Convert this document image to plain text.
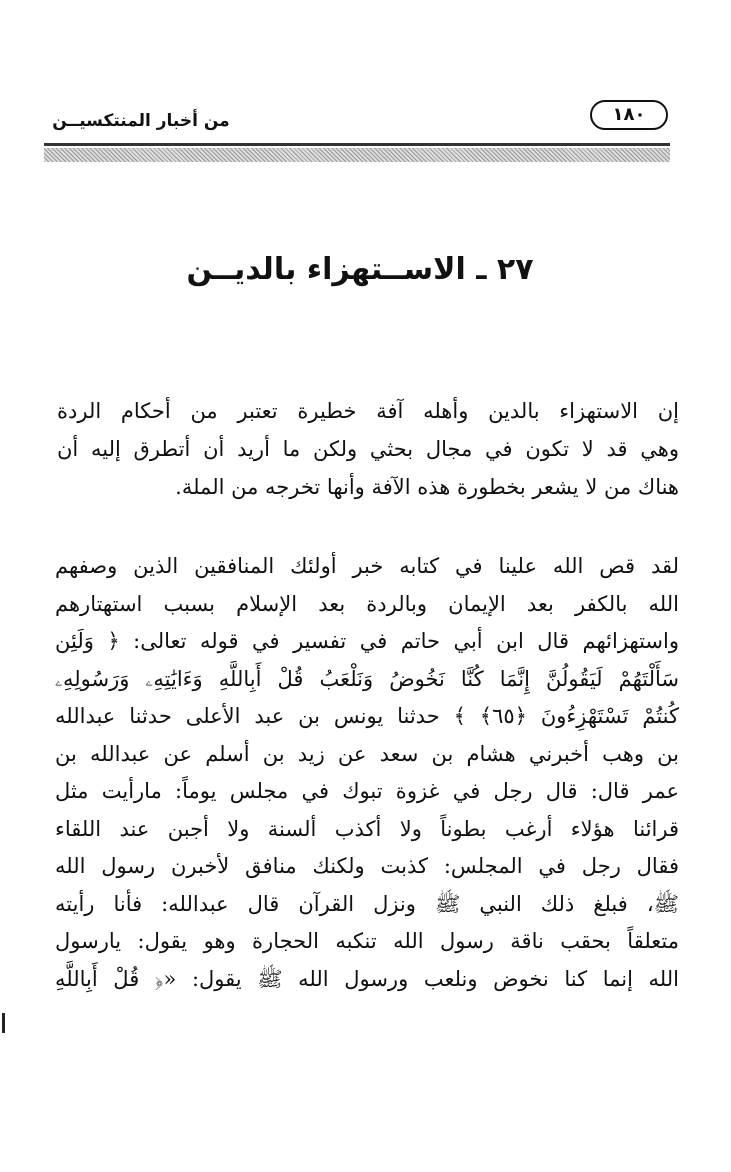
١٨٠
من أخبار المنتكسيــن
٢٧ ـ الاســتهزاء بالديــن
إن الاستهزاء بالدين وأهله آفة خطيرة تعتبر من أحكام الردة
وهي قد لا تكون في مجال بحثي ولكن ما أريد أن أتطرق إليه أن
هناك من لا يشعر بخطورة هذه الآفة وأنها تخرجه من الملة.
لقد قص الله علينا في كتابه خبر أولئك المنافقين الذين وصفهم
الله بالكفر بعد الإيمان وبالردة بعد الإسلام بسبب استهتارهم
واستهزائهم قال ابن أبي حاتم في تفسير في قوله تعالى: ﴿ وَلَئِن
سَأَلْتَهُمْ لَيَقُولُنَّ إِنَّمَا كُنَّا نَخُوضُ وَنَلْعَبُ قُلْ أَبِاللَّهِ وَءَايَٰتِهِۦ وَرَسُولِهِۦ
كُنتُمْ تَسْتَهْزِءُونَ ﴿٦٥﴾ ﴾ حدثنا يونس بن عبد الأعلى حدثنا عبدالله
بن وهب أخبرني هشام بن سعد عن زيد بن أسلم عن عبدالله بن
عمر قال: قال رجل في غزوة تبوك في مجلس يوماً: مارأيت مثل
قرائنا هؤلاء أرغب بطوناً ولا أكذب ألسنة ولا أجبن عند اللقاء
فقال رجل في المجلس: كذبت ولكنك منافق لأخبرن رسول الله
ﷺ، فبلغ ذلك النبي ﷺ ونزل القرآن قال عبدالله: فأنا رأيته
متعلقاً بحقب ناقة رسول الله تنكبه الحجارة وهو يقول: يارسول
الله إنما كنا نخوض ونلعب ورسول الله ﷺ يقول: «﴿ قُلْ أَبِاللَّهِ
